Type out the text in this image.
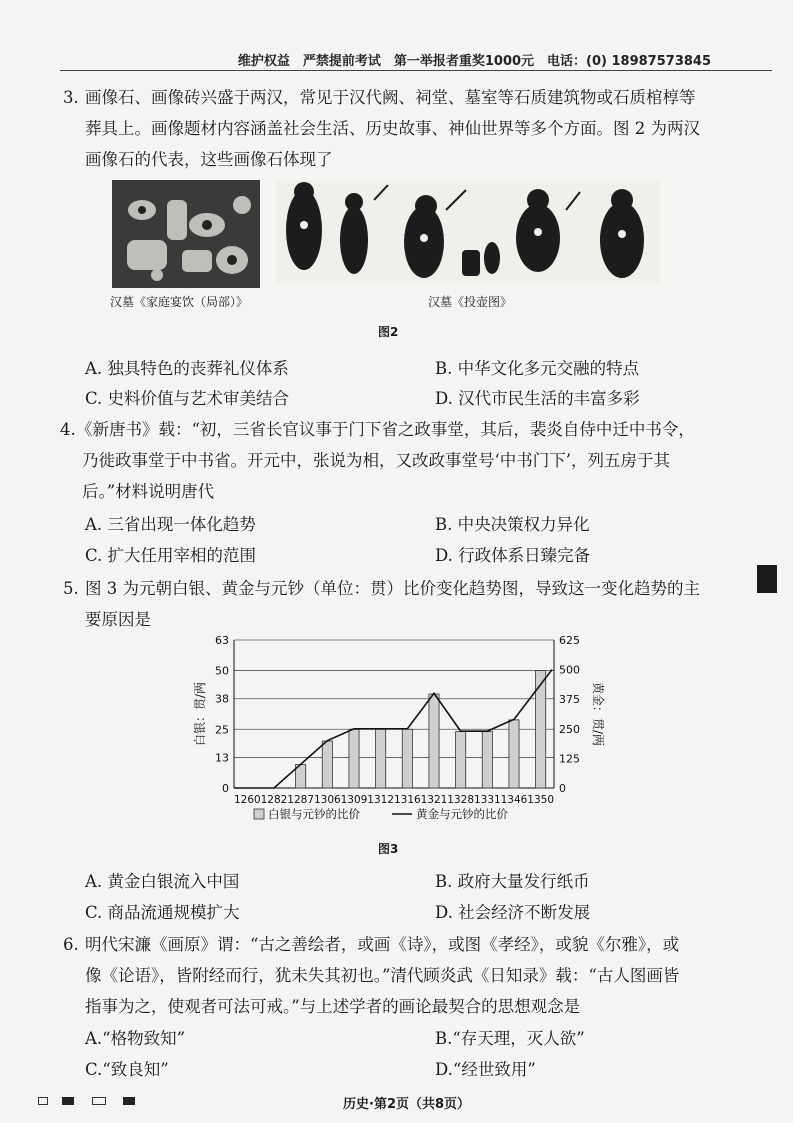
维护权益　严禁提前考试　第一举报者重奖1000元　电话：(0) 18987573845
3. 画像石、画像砖兴盛于两汉，常见于汉代阙、祠堂、墓室等石质建筑物或石质棺椁等
葬具上。画像题材内容涵盖社会生活、历史故事、神仙世界等多个方面。图 2 为两汉
画像石的代表，这些画像石体现了
汉墓《家庭宴饮（局部）》	汉墓《投壶图》
图2
A. 独具特色的丧葬礼仪体系	B. 中华文化多元交融的特点
C. 史料价值与艺术审美结合	D. 汉代市民生活的丰富多彩
4. 《新唐书》载：“初，三省长官议事于门下省之政事堂，其后，裴炎自侍中迁中书令，
乃徙政事堂于中书省。开元中，张说为相，又改政事堂号‘中书门下’，列五房于其
后。”材料说明唐代
A. 三省出现一体化趋势	B. 中央决策权力异化
C. 扩大任用宰相的范围	D. 行政体系日臻完备
5. 图 3 为元朝白银、黄金与元钞（单位：贯）比价变化趋势图，导致这一变化趋势的主
要原因是
0
13
25
38
50
63
0
125
250
375
500
625
1260 1282 1287 1306 1309 1312 1316 1321 1328 1331 1346 1350
白银：贯/两	黄金：贯/两
白银与元钞的比价	黄金与元钞的比价
图3
A. 黄金白银流入中国	B. 政府大量发行纸币
C. 商品流通规模扩大	D. 社会经济不断发展
6. 明代宋濂《画原》谓：“古之善绘者，或画《诗》，或图《孝经》，或貌《尔雅》，或
像《论语》，皆附经而行，犹未失其初也。”清代顾炎武《日知录》载：“古人图画皆
指事为之，使观者可法可戒。”与上述学者的画论最契合的思想观念是
A.“格物致知”	B.“存天理，灭人欲”
C.“致良知”	D.“经世致用”
历史·第2页（共8页）
